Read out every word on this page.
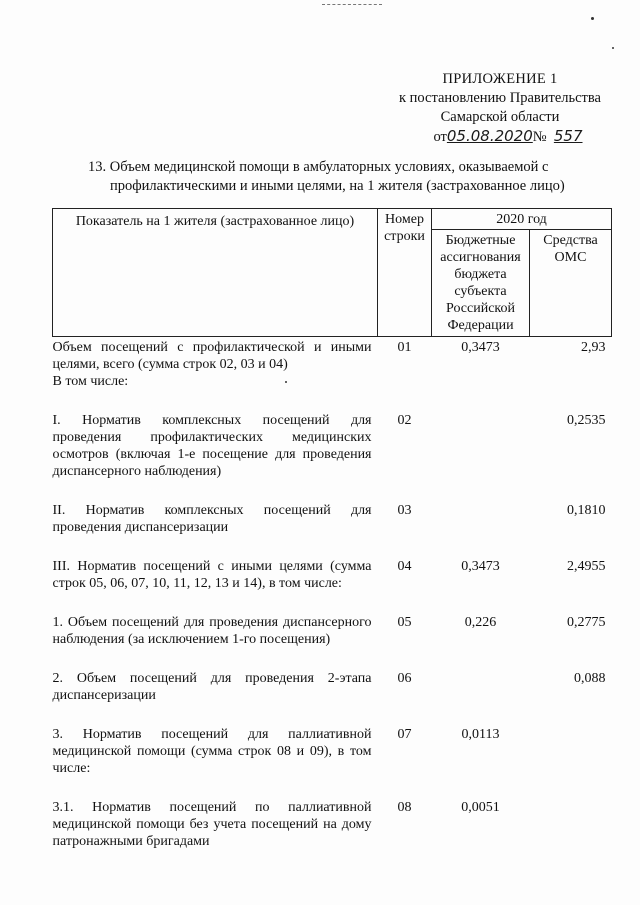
ПРИЛОЖЕНИЕ 1
к постановлению Правительства
Самарской области
от05.08.2020№ 557
13. Объем медицинской помощи в амбулаторных условиях, оказываемой с
профилактическими и иными целями, на 1 жителя (застрахованное лицо)
Показатель на 1 жителя (застрахованное лицо)	Номер строки	2020 год	
		Бюджетные ассигнования бюджета субъекта Российской Федерации	Средства ОМС

Объем посещений с профилактической и иными целями, всего (сумма строк 02, 03 и 04)
В том числе:	01	0,3473	2,93
I. Норматив комплексных посещений для проведения профилактических медицинских осмотров (включая 1-е посещение для проведения диспансерного наблюдения)	02		0,2535
II. Норматив комплексных посещений для проведения диспансеризации	03		0,1810
III. Норматив посещений с иными целями (сумма строк 05, 06, 07, 10, 11, 12, 13 и 14), в том числе:	04	0,3473	2,4955
1. Объем посещений для проведения диспансерного наблюдения (за исключением 1-го посещения)	05	0,226	0,2775
2. Объем посещений для проведения 2-этапа диспансеризации	06		0,088
3. Норматив посещений для паллиативной медицинской помощи (сумма строк 08 и 09), в том числе:	07	0,0113	
3.1. Норматив посещений по паллиативной медицинской помощи без учета посещений на дому патронажными бригадами	08	0,0051	
